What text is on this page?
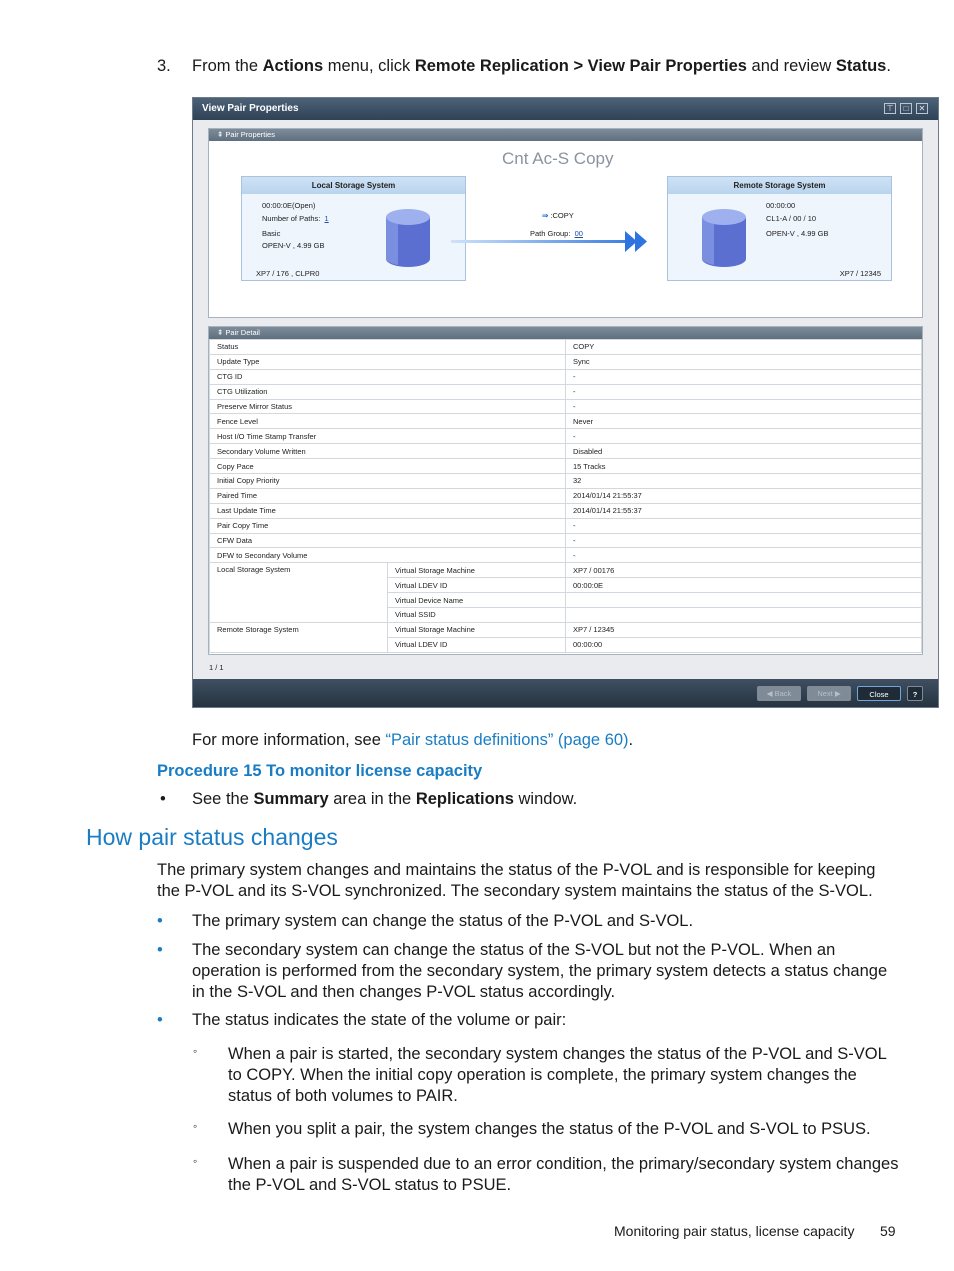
3. From the Actions menu, click Remote Replication > View Pair Properties and review Status.
View Pair Properties	⊤	□	✕
⇞ Pair Properties
Cnt Ac-S Copy
Local Storage System
00:00:0E(Open)
Number of Paths: 1
Basic
OPEN-V , 4.99 GB
XP7 / 176 , CLPR0
⇒ :COPY
Path Group: 00
Remote Storage System
00:00:00
CL1-A / 00 / 10
OPEN-V , 4.99 GB
XP7 / 12345
⇞ Pair Detail
Status		COPY
Update Type		Sync
CTG ID		-
CTG Utilization		-
Preserve Mirror Status		-
Fence Level		Never
Host I/O Time Stamp Transfer		-
Secondary Volume Written		Disabled
Copy Pace		15 Tracks
Initial Copy Priority		32
Paired Time		2014/01/14 21:55:37
Last Update Time		2014/01/14 21:55:37
Pair Copy Time		-
CFW Data		-
DFW to Secondary Volume		-
Local Storage System	Virtual Storage Machine	XP7 / 00176
	Virtual LDEV ID	00:00:0E
	Virtual Device Name	
	Virtual SSID	
Remote Storage System	Virtual Storage Machine	XP7 / 12345
	Virtual LDEV ID	00:00:00
1 / 1
◀ Back	Next ▶	Close	?
For more information, see “Pair status definitions” (page 60).
Procedure 15 To monitor license capacity
• See the Summary area in the Replications window.
How pair status changes
The primary system changes and maintains the status of the P-VOL and is responsible for keeping the P-VOL and its S-VOL synchronized. The secondary system maintains the status of the S-VOL.
• The primary system can change the status of the P-VOL and S-VOL.
• The secondary system can change the status of the S-VOL but not the P-VOL. When an operation is performed from the secondary system, the primary system detects a status change in the S-VOL and then changes P-VOL status accordingly.
• The status indicates the state of the volume or pair:
◦ When a pair is started, the secondary system changes the status of the P-VOL and S-VOL to COPY. When the initial copy operation is complete, the primary system changes the status of both volumes to PAIR.
◦ When you split a pair, the system changes the status of the P-VOL and S-VOL to PSUS.
◦ When a pair is suspended due to an error condition, the primary/secondary system changes the P-VOL and S-VOL status to PSUE.
Monitoring pair status, license capacity 59
